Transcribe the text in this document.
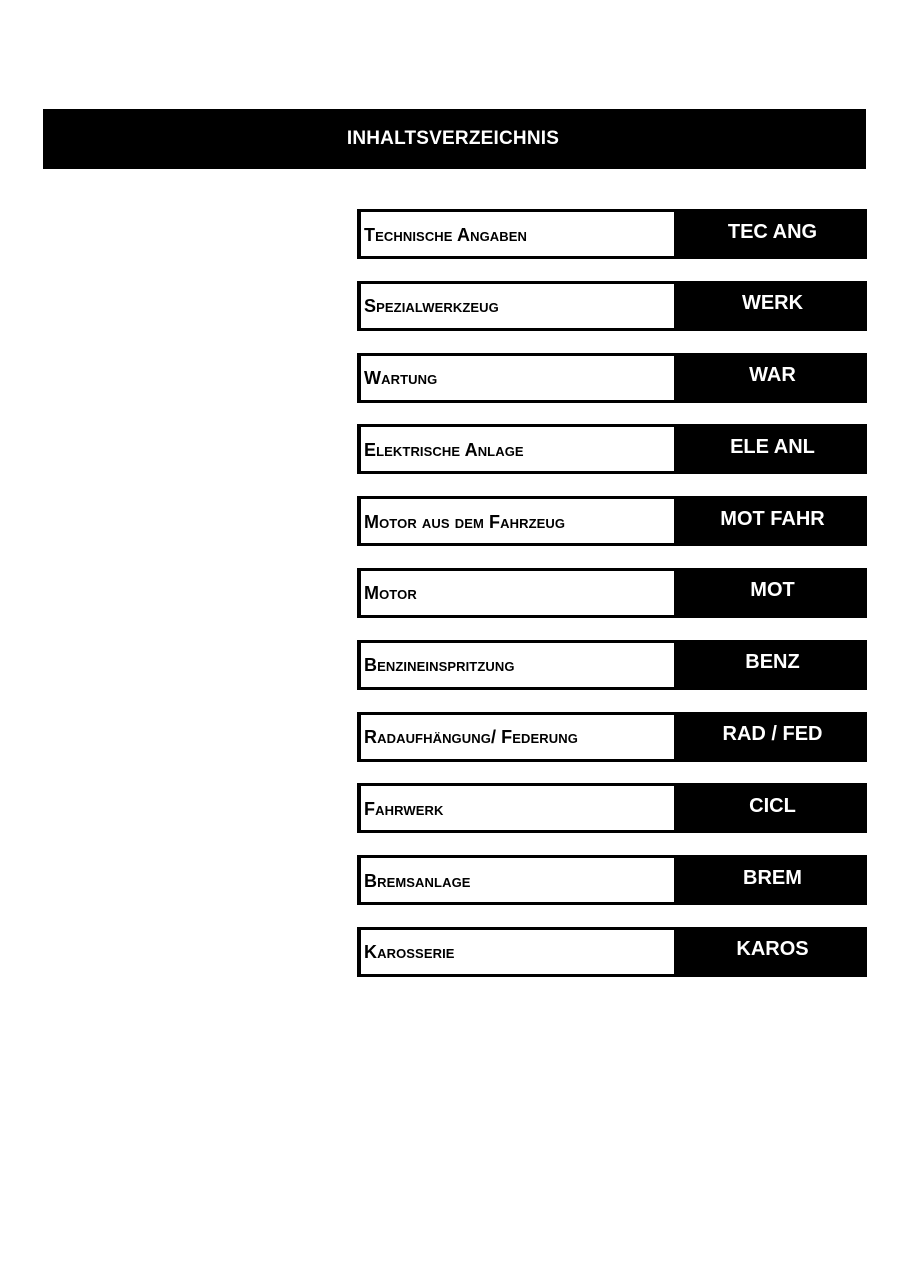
INHALTSVERZEICHNIS
Technische Angaben	TEC ANG
Spezialwerkzeug	WERK
Wartung	WAR
Elektrische Anlage	ELE ANL
Motor aus dem Fahrzeug	MOT FAHR
Motor	MOT
Benzineinspritzung	BENZ
Radaufhängung/ Federung	RAD / FED
Fahrwerk	CICL
Bremsanlage	BREM
Karosserie	KAROS
